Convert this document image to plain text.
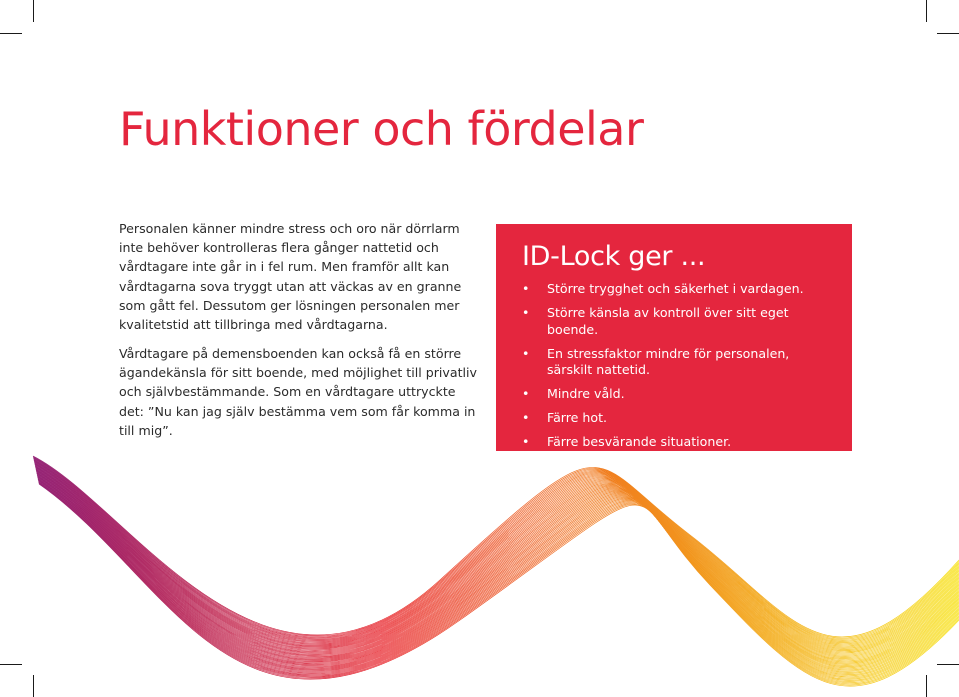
Funktioner och fördelar

Personalen känner mindre stress och oro när dörrlarm inte behöver kontrolleras flera gånger nattetid och vårdtagare inte går in i fel rum. Men framför allt kan vårdtagarna sova tryggt utan att väckas av en granne som gått fel. Dessutom ger lösningen personalen mer kvalitetstid att tillbringa med vårdtagarna.

Vårdtagare på demensboenden kan också få en större ägandekänsla för sitt boende, med möjlighet till privatliv och självbestämmande. Som en vårdtagare uttryckte det: ”Nu kan jag själv bestämma vem som får komma in till mig”.

ID-Lock ger ...
• Större trygghet och säkerhet i vardagen.
• Större känsla av kontroll över sitt eget boende.
• En stressfaktor mindre för personalen, särskilt nattetid.
• Mindre våld.
• Färre hot.
• Färre besvärande situationer.
